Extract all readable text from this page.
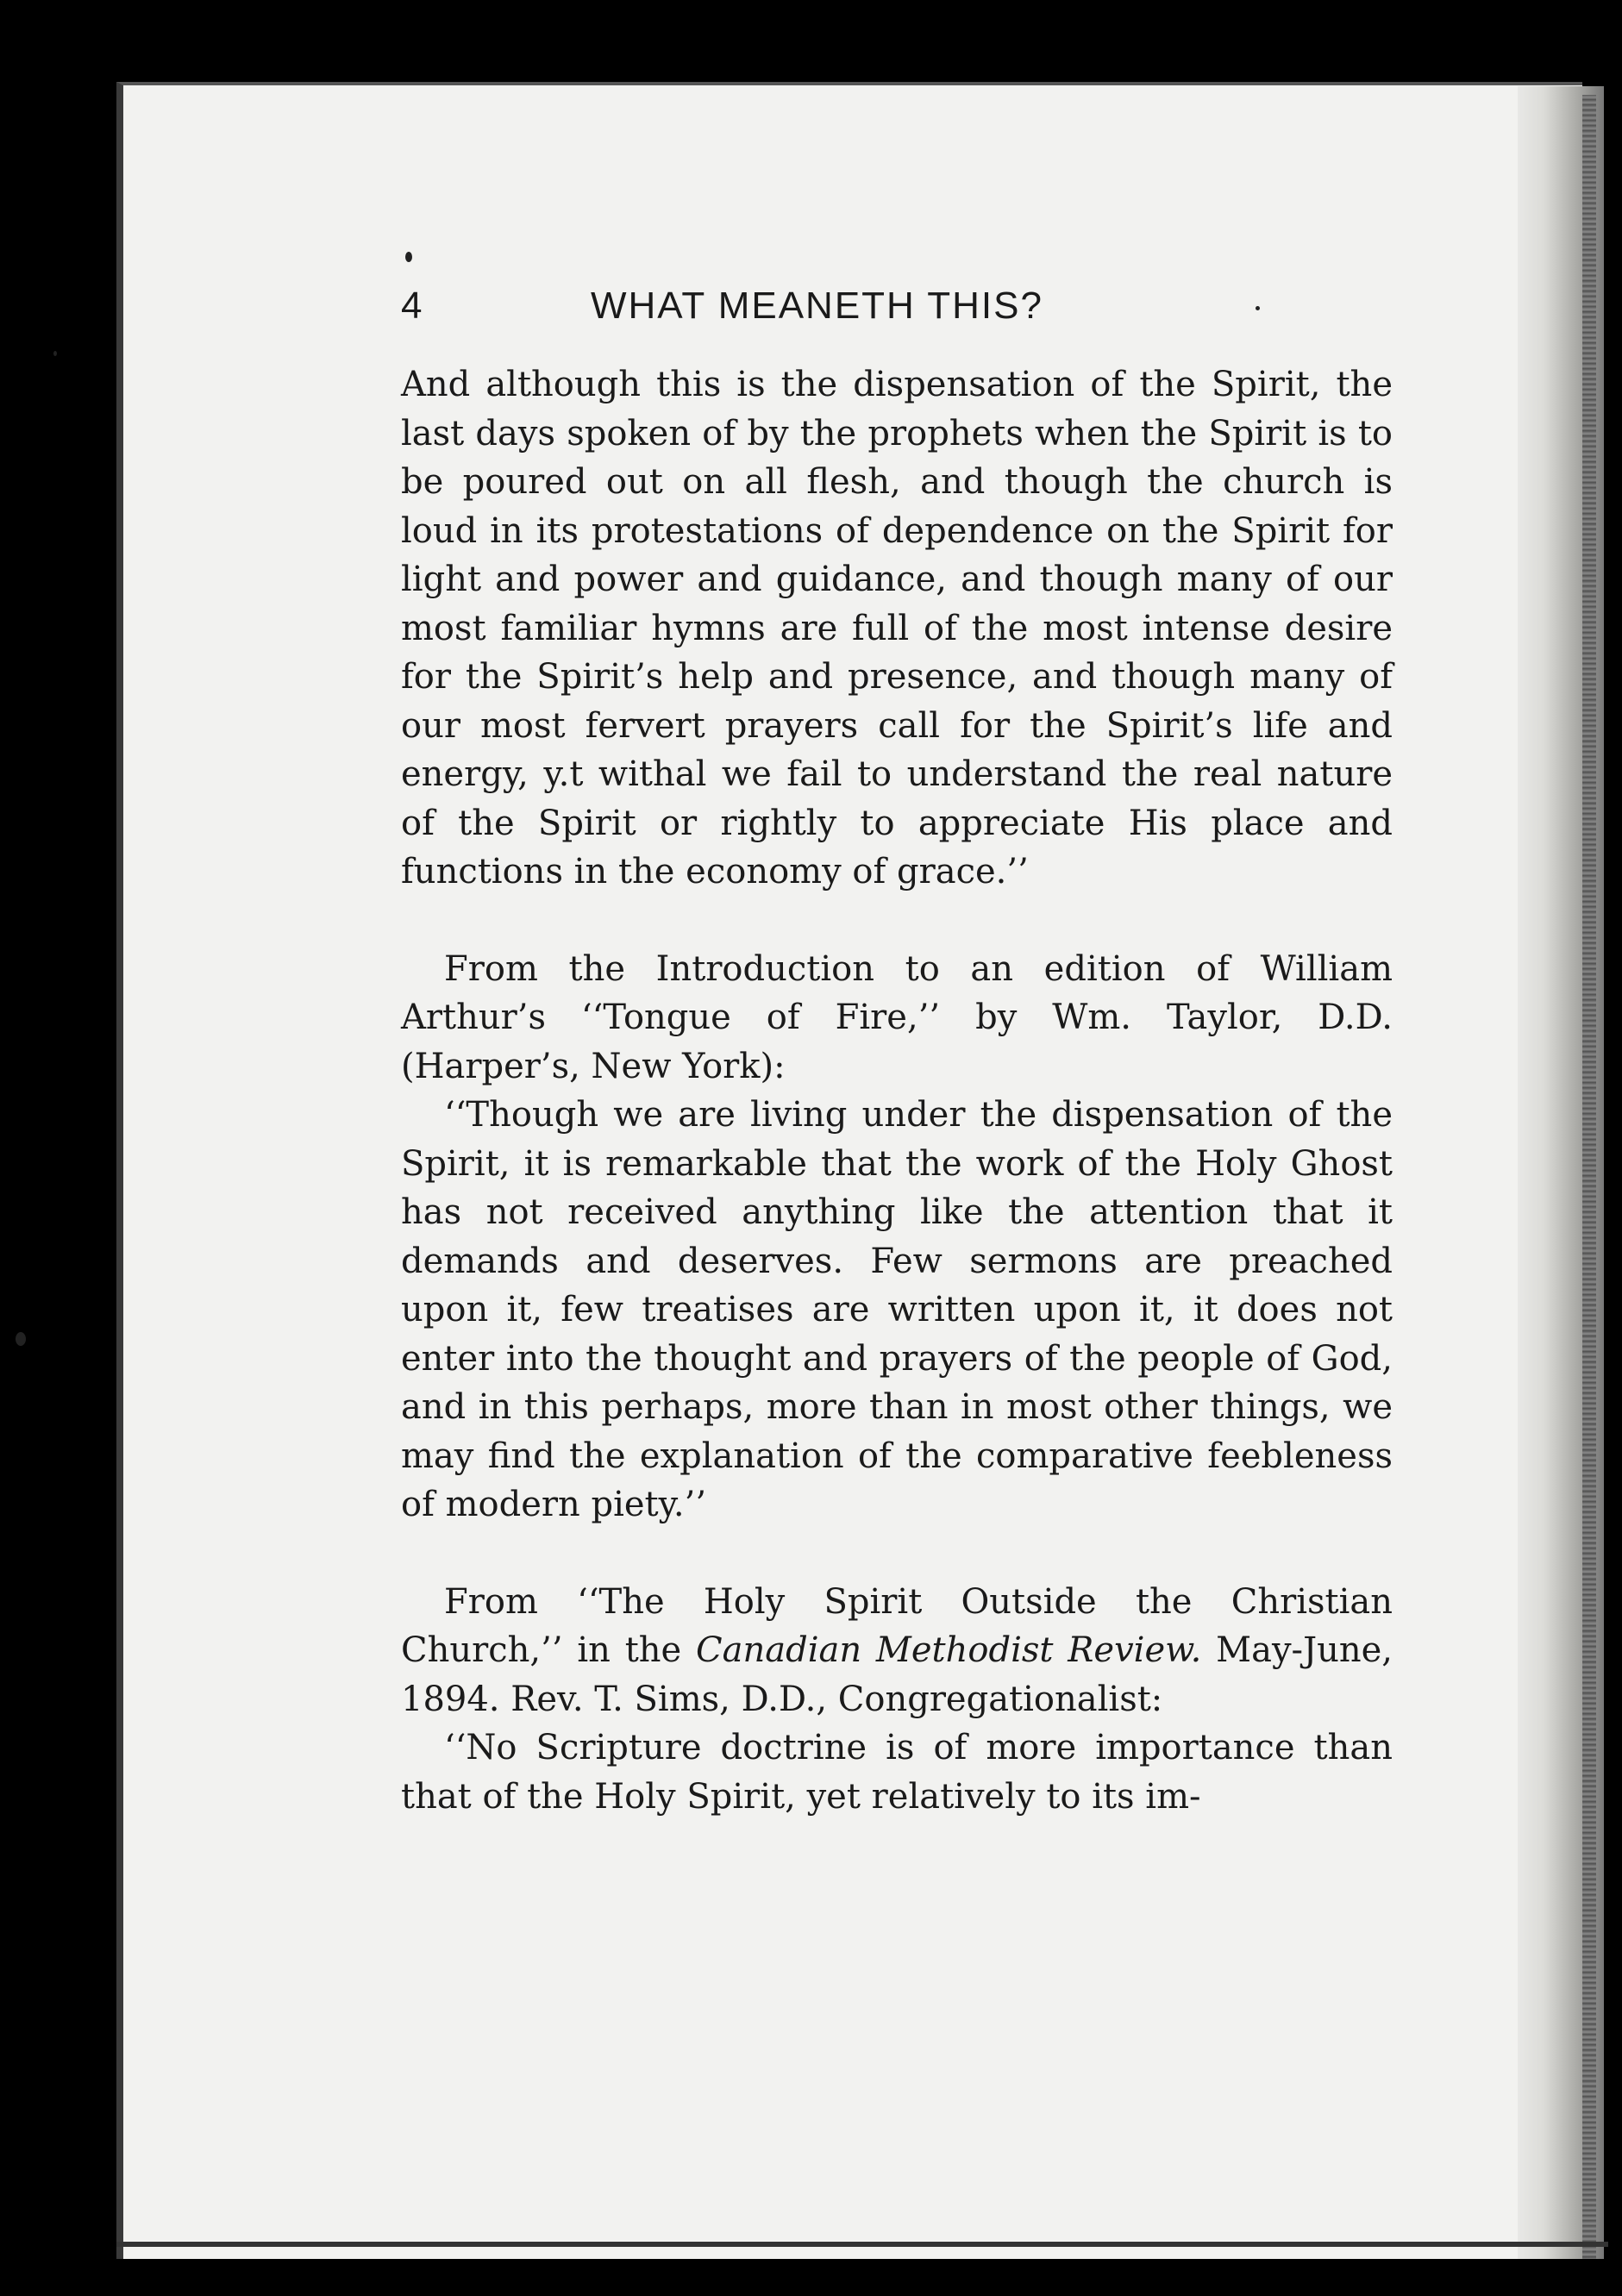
4	WHAT MEANETH THIS?

And although this is the dispensation of the Spirit, the last days spoken of by the prophets when the Spirit is to be poured out on all flesh, and though the church is loud in its protestations of dependence on the Spirit for light and power and guidance, and though many of our most familiar hymns are full of the most intense desire for the Spirit’s help and presence, and though many of our most fervert prayers call for the Spirit’s life and energy, y.t withal we fail to understand the real nature of the Spirit or rightly to appreciate His place and functions in the economy of grace.’’

From the Introduction to an edition of William Arthur’s ‘‘Tongue of Fire,’’ by Wm. Taylor, D.D. (Harper’s, New York):

‘‘Though we are living under the dispensation of the Spirit, it is remarkable that the work of the Holy Ghost has not received anything like the attention that it demands and deserves. Few sermons are preached upon it, few treatises are written upon it, it does not enter into the thought and prayers of the people of God, and in this perhaps, more than in most other things, we may find the explanation of the comparative feebleness of modern piety.’’

From ‘‘The Holy Spirit Outside the Christian Church,’’ in the Canadian Methodist Review. May-June, 1894. Rev. T. Sims, D.D., Congregationalist:

‘‘No Scripture doctrine is of more importance than that of the Holy Spirit, yet relatively to its im-
